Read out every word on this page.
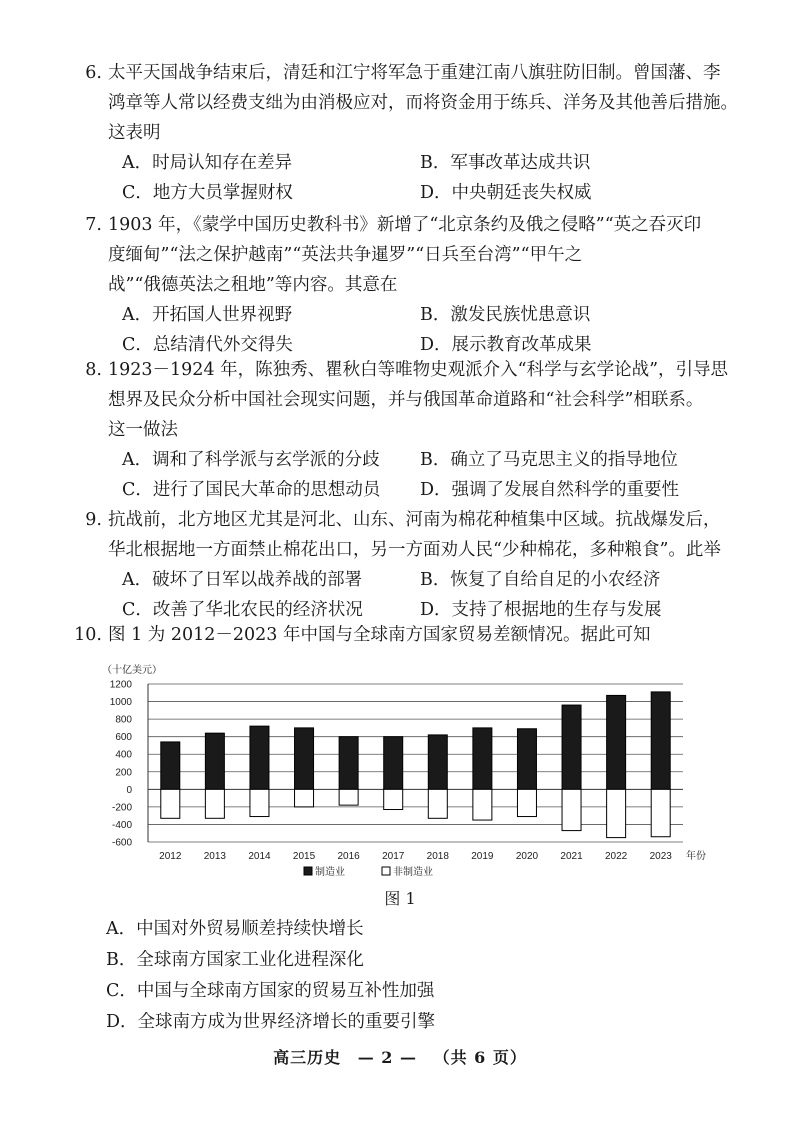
6. 太平天国战争结束后，清廷和江宁将军急于重建江南八旗驻防旧制。曾国藩、李
鸿章等人常以经费支绌为由消极应对，而将资金用于练兵、洋务及其他善后措施。
这表明
A．时局认知存在差异	B．军事改革达成共识
C．地方大员掌握财权	D．中央朝廷丧失权威
7. 1903 年，《蒙学中国历史教科书》新增了“北京条约及俄之侵略”“英之吞灭印
度缅甸”“法之保护越南”“英法共争暹罗”“日兵至台湾”“甲午之
战”“俄德英法之租地”等内容。其意在
A．开拓国人世界视野	B．激发民族忧患意识
C．总结清代外交得失	D．展示教育改革成果
8. 1923－1924 年，陈独秀、瞿秋白等唯物史观派介入“科学与玄学论战”，引导思
想界及民众分析中国社会现实问题，并与俄国革命道路和“社会科学”相联系。
这一做法
A．调和了科学派与玄学派的分歧	B．确立了马克思主义的指导地位
C．进行了国民大革命的思想动员	D．强调了发展自然科学的重要性
9. 抗战前，北方地区尤其是河北、山东、河南为棉花种植集中区域。抗战爆发后，
华北根据地一方面禁止棉花出口，另一方面劝人民“少种棉花，多种粮食”。此举
A．破坏了日军以战养战的部署	B．恢复了自给自足的小农经济
C．改善了华北农民的经济状况	D．支持了根据地的生存与发展
10. 图 1 为 2012－2023 年中国与全球南方国家贸易差额情况。据此可知
（十亿美元）
1200
1000
800
600
400
200
0
-200
-400
-600
2012 2013 2014 2015 2016 2017 2018 2019 2020 2021 2022 2023 年份
制造业	非制造业
图 1
A．中国对外贸易顺差持续快增长
B．全球南方国家工业化进程深化
C．中国与全球南方国家的贸易互补性加强
D．全球南方成为世界经济增长的重要引擎
高三历史 — 2 — （共 6 页）
